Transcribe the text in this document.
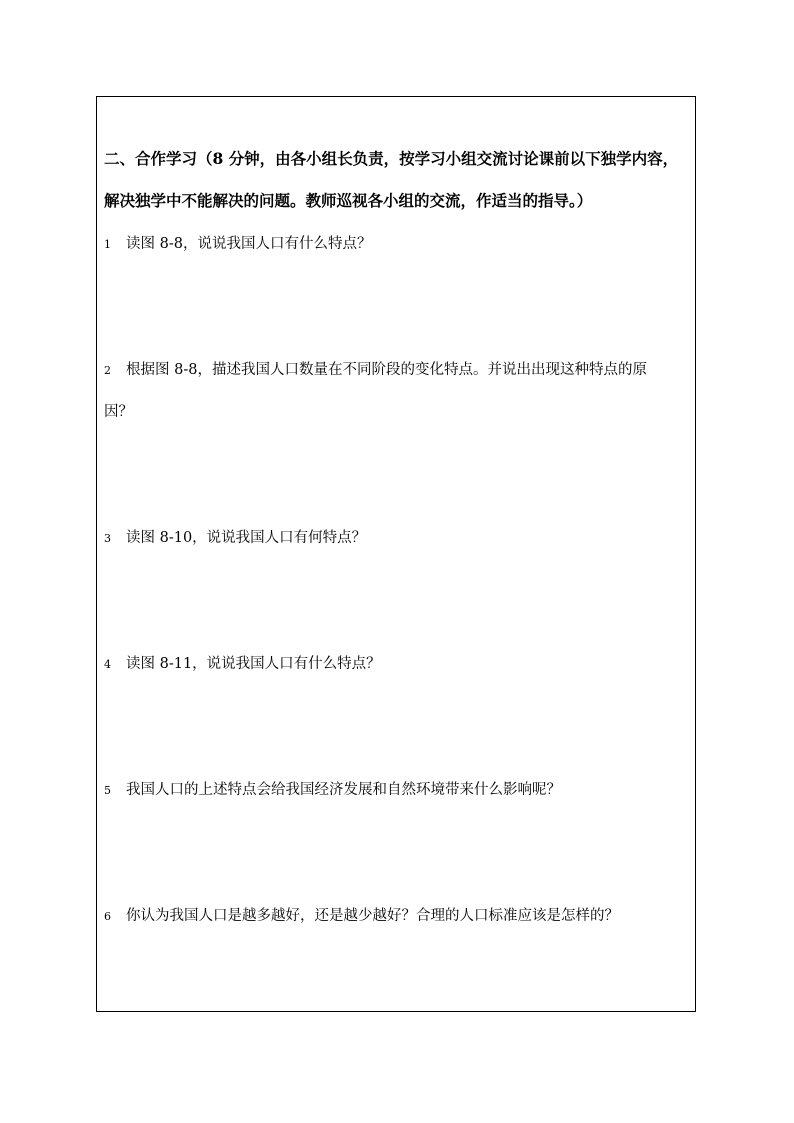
二、合作学习（8 分钟，由各小组长负责，按学习小组交流讨论课前以下独学内容，
解决独学中不能解决的问题。教师巡视各小组的交流，作适当的指导。）
1 读图 8-8，说说我国人口有什么特点？
2 根据图 8-8，描述我国人口数量在不同阶段的变化特点。并说出出现这种特点的原
因？
3 读图 8-10，说说我国人口有何特点？
4 读图 8-11，说说我国人口有什么特点？
5 我国人口的上述特点会给我国经济发展和自然环境带来什么影响呢？
6 你认为我国人口是越多越好，还是越少越好？合理的人口标准应该是怎样的？
